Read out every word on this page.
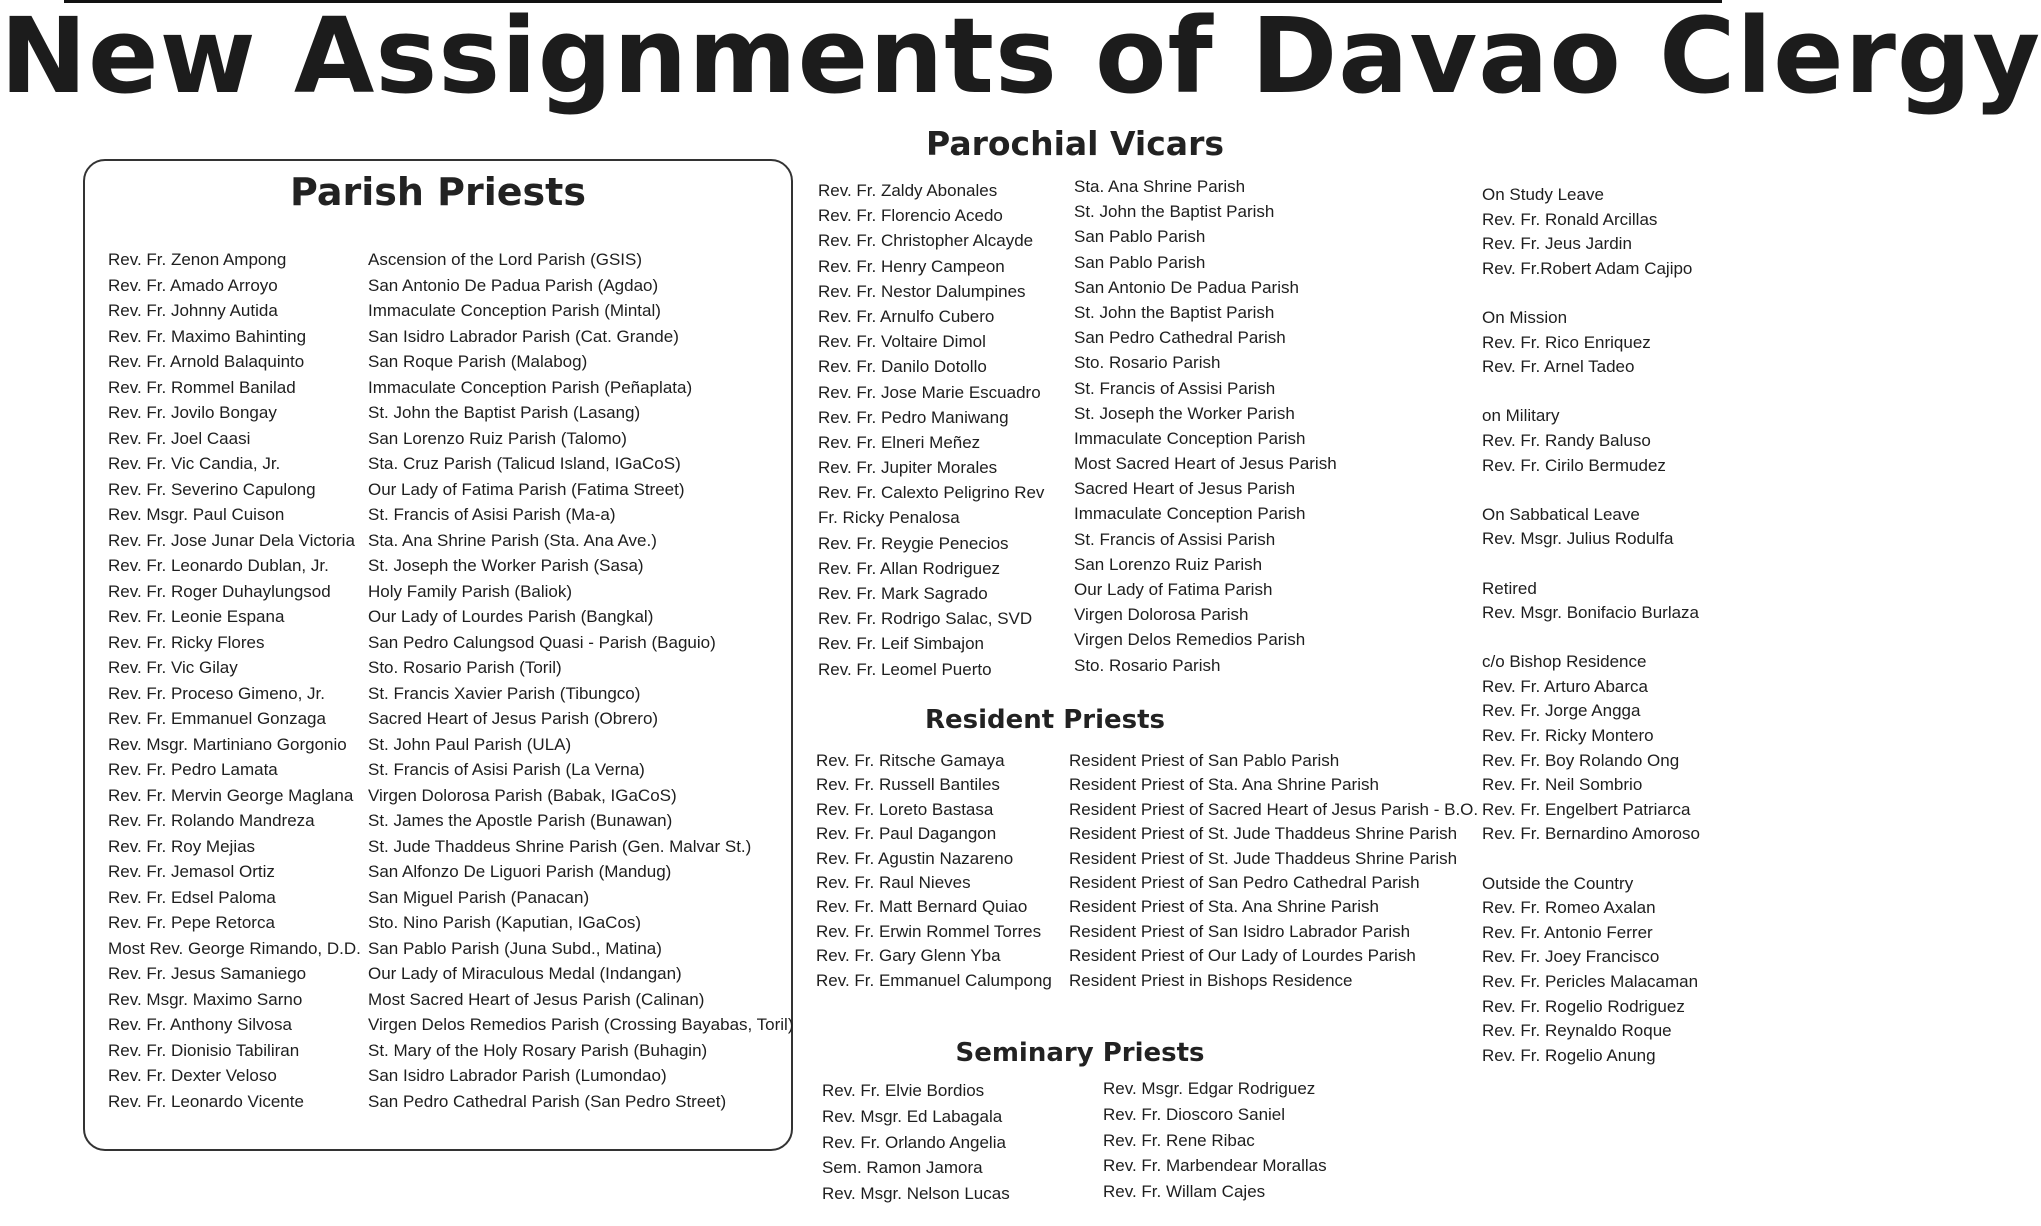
New Assignments of Davao Clergy
Parish Priests
Rev. Fr. Zenon Ampong
Rev. Fr. Amado Arroyo
Rev. Fr. Johnny Autida
Rev. Fr. Maximo Bahinting
Rev. Fr. Arnold Balaquinto
Rev. Fr. Rommel Banilad
Rev. Fr. Jovilo Bongay
Rev. Fr. Joel Caasi
Rev. Fr. Vic Candia, Jr.
Rev. Fr. Severino Capulong
Rev. Msgr. Paul Cuison
Rev. Fr. Jose Junar Dela Victoria
Rev. Fr. Leonardo Dublan, Jr.
Rev. Fr. Roger Duhaylungsod
Rev. Fr. Leonie Espana
Rev. Fr. Ricky Flores
Rev. Fr. Vic Gilay
Rev. Fr. Proceso Gimeno, Jr.
Rev. Fr. Emmanuel Gonzaga
Rev. Msgr. Martiniano Gorgonio
Rev. Fr. Pedro Lamata
Rev. Fr. Mervin George Maglana
Rev. Fr. Rolando Mandreza
Rev. Fr. Roy Mejias
Rev. Fr. Jemasol Ortiz
Rev. Fr. Edsel Paloma
Rev. Fr. Pepe Retorca
Most Rev. George Rimando, D.D.
Rev. Fr. Jesus Samaniego
Rev. Msgr. Maximo Sarno
Rev. Fr. Anthony Silvosa
Rev. Fr. Dionisio Tabiliran
Rev. Fr. Dexter Veloso
Rev. Fr. Leonardo Vicente
Ascension of the Lord Parish (GSIS)
San Antonio De Padua Parish (Agdao)
Immaculate Conception Parish (Mintal)
San Isidro Labrador Parish (Cat. Grande)
San Roque Parish (Malabog)
Immaculate Conception Parish (Peñaplata)
St. John the Baptist Parish (Lasang)
San Lorenzo Ruiz Parish (Talomo)
Sta. Cruz Parish (Talicud Island, IGaCoS)
Our Lady of Fatima Parish (Fatima Street)
St. Francis of Asisi Parish (Ma-a)
Sta. Ana Shrine Parish (Sta. Ana Ave.)
St. Joseph the Worker Parish (Sasa)
Holy Family Parish (Baliok)
Our Lady of Lourdes Parish (Bangkal)
San Pedro Calungsod Quasi - Parish (Baguio)
Sto. Rosario Parish (Toril)
St. Francis Xavier Parish (Tibungco)
Sacred Heart of Jesus Parish (Obrero)
St. John Paul Parish (ULA)
St. Francis of Asisi Parish (La Verna)
Virgen Dolorosa Parish (Babak, IGaCoS)
St. James the Apostle Parish (Bunawan)
St. Jude Thaddeus Shrine Parish (Gen. Malvar St.)
San Alfonzo De Liguori Parish (Mandug)
San Miguel Parish (Panacan)
Sto. Nino Parish (Kaputian, IGaCos)
San Pablo Parish (Juna Subd., Matina)
Our Lady of Miraculous Medal (Indangan)
Most Sacred Heart of Jesus Parish (Calinan)
Virgen Delos Remedios Parish (Crossing Bayabas, Toril)
St. Mary of the Holy Rosary Parish (Buhagin)
San Isidro Labrador Parish (Lumondao)
San Pedro Cathedral Parish (San Pedro Street)
Parochial Vicars
Rev. Fr. Zaldy Abonales
Rev. Fr. Florencio Acedo
Rev. Fr. Christopher Alcayde
Rev. Fr. Henry Campeon
Rev. Fr. Nestor Dalumpines
Rev. Fr. Arnulfo Cubero
Rev. Fr. Voltaire Dimol
Rev. Fr. Danilo Dotollo
Rev. Fr. Jose Marie Escuadro
Rev. Fr. Pedro Maniwang
Rev. Fr. Elneri Meñez
Rev. Fr. Jupiter Morales
Rev. Fr. Calexto Peligrino Rev
Fr. Ricky Penalosa
Rev. Fr. Reygie Penecios
Rev. Fr. Allan Rodriguez
Rev. Fr. Mark Sagrado
Rev. Fr. Rodrigo Salac, SVD
Rev. Fr. Leif Simbajon
Rev. Fr. Leomel Puerto
Sta. Ana Shrine Parish
St. John the Baptist Parish
San Pablo Parish
San Pablo Parish
San Antonio De Padua Parish
St. John the Baptist Parish
San Pedro Cathedral Parish
Sto. Rosario Parish
St. Francis of Assisi Parish
St. Joseph the Worker Parish
Immaculate Conception Parish
Most Sacred Heart of Jesus Parish
Sacred Heart of Jesus Parish
Immaculate Conception Parish
St. Francis of Assisi Parish
San Lorenzo Ruiz Parish
Our Lady of Fatima Parish
Virgen Dolorosa Parish
Virgen Delos Remedios Parish
Sto. Rosario Parish
Resident Priests
Rev. Fr. Ritsche Gamaya
Rev. Fr. Russell Bantiles
Rev. Fr. Loreto Bastasa
Rev. Fr. Paul Dagangon
Rev. Fr. Agustin Nazareno
Rev. Fr. Raul Nieves
Rev. Fr. Matt Bernard Quiao
Rev. Fr. Erwin Rommel Torres
Rev. Fr. Gary Glenn Yba
Rev. Fr. Emmanuel Calumpong
Resident Priest of San Pablo Parish
Resident Priest of Sta. Ana Shrine Parish
Resident Priest of Sacred Heart of Jesus Parish - B.O.
Resident Priest of St. Jude Thaddeus Shrine Parish
Resident Priest of St. Jude Thaddeus Shrine Parish
Resident Priest of San Pedro Cathedral Parish
Resident Priest of Sta. Ana Shrine Parish
Resident Priest of San Isidro Labrador Parish
Resident Priest of Our Lady of Lourdes Parish
Resident Priest in Bishops Residence
Seminary Priests
Rev. Fr. Elvie Bordios
Rev. Msgr. Ed Labagala
Rev. Fr. Orlando Angelia
Sem. Ramon Jamora
Rev. Msgr. Nelson Lucas
Rev. Msgr. Edgar Rodriguez
Rev. Fr. Dioscoro Saniel
Rev. Fr. Rene Ribac
Rev. Fr. Marbendear Morallas
Rev. Fr. Willam Cajes
On Study Leave
Rev. Fr. Ronald Arcillas
Rev. Fr. Jeus Jardin
Rev. Fr.Robert Adam Cajipo
On Mission
Rev. Fr. Rico Enriquez
Rev. Fr. Arnel Tadeo
on Military
Rev. Fr. Randy Baluso
Rev. Fr. Cirilo Bermudez
On Sabbatical Leave
Rev. Msgr. Julius Rodulfa
Retired
Rev. Msgr. Bonifacio Burlaza
c/o Bishop Residence
Rev. Fr. Arturo Abarca
Rev. Fr. Jorge Angga
Rev. Fr. Ricky Montero
Rev. Fr. Boy Rolando Ong
Rev. Fr. Neil Sombrio
Rev. Fr. Engelbert Patriarca
Rev. Fr. Bernardino Amoroso
Outside the Country
Rev. Fr. Romeo Axalan
Rev. Fr. Antonio Ferrer
Rev. Fr. Joey Francisco
Rev. Fr. Pericles Malacaman
Rev. Fr. Rogelio Rodriguez
Rev. Fr. Reynaldo Roque
Rev. Fr. Rogelio Anung
